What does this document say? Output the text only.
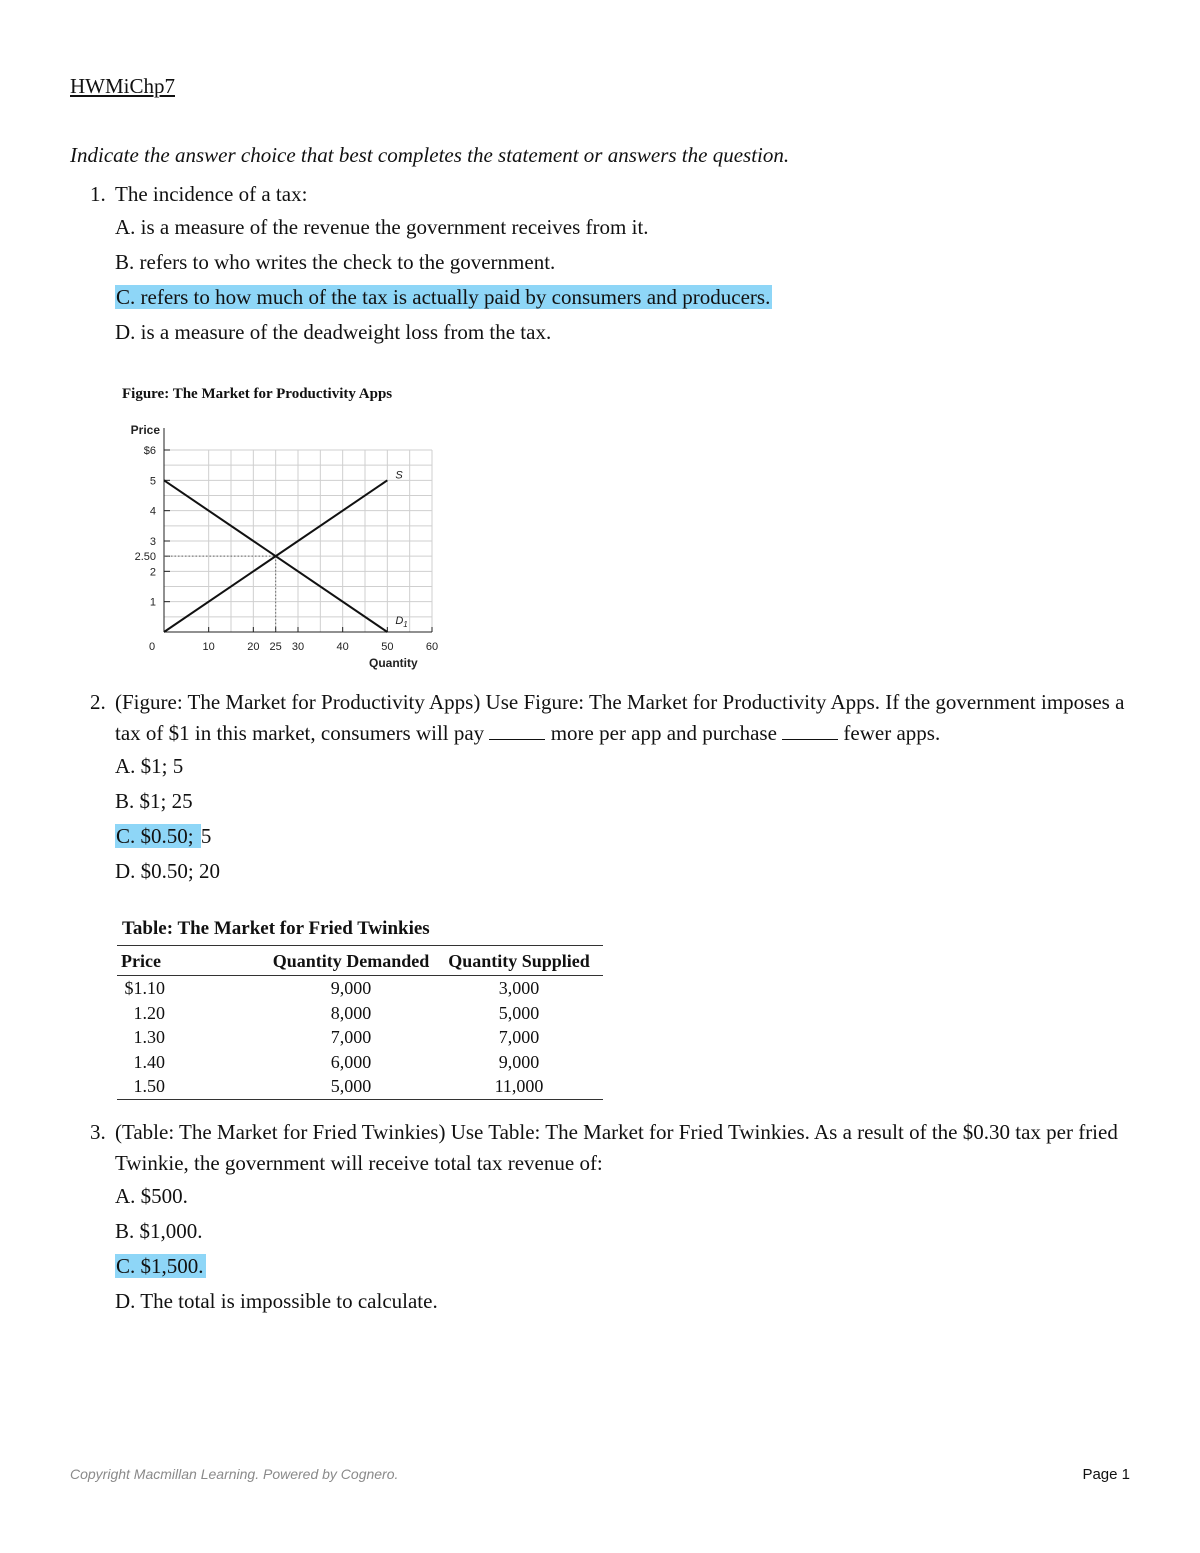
HWMiChp7
Indicate the answer choice that best completes the statement or answers the question.
1. The incidence of a tax:
A. is a measure of the revenue the government receives from it.
B. refers to who writes the check to the government.
C. refers to how much of the tax is actually paid by consumers and producers.
D. is a measure of the deadweight loss from the tax.
Figure: The Market for Productivity Apps
$6
5
4
3
2.50
2
1
Price
0	10	20 25 30	40	50	60
Quantity
S
$D_1$
2. (Figure: The Market for Productivity Apps) Use Figure: The Market for Productivity Apps. If the government imposes a tax of $1 in this market, consumers will pay	more per app and purchase	fewer apps.
A. $1; 5
B. $1; 25
C. $0.50; 5
D. $0.50; 20
Table: The Market for Fried Twinkies
Price		Quantity Demanded	Quantity Supplied
$1.10		9,000	3,000
1.20		8,000	5,000
1.30		7,000	7,000
1.40		6,000	9,000
1.50		5,000	11,000
3. (Table: The Market for Fried Twinkies) Use Table: The Market for Fried Twinkies. As a result of the $0.30 tax per fried Twinkie, the government will receive total tax revenue of:
A. $500.
B. $1,000.
C. $1,500.
D. The total is impossible to calculate.
Copyright Macmillan Learning. Powered by Cognero.	Page 1
